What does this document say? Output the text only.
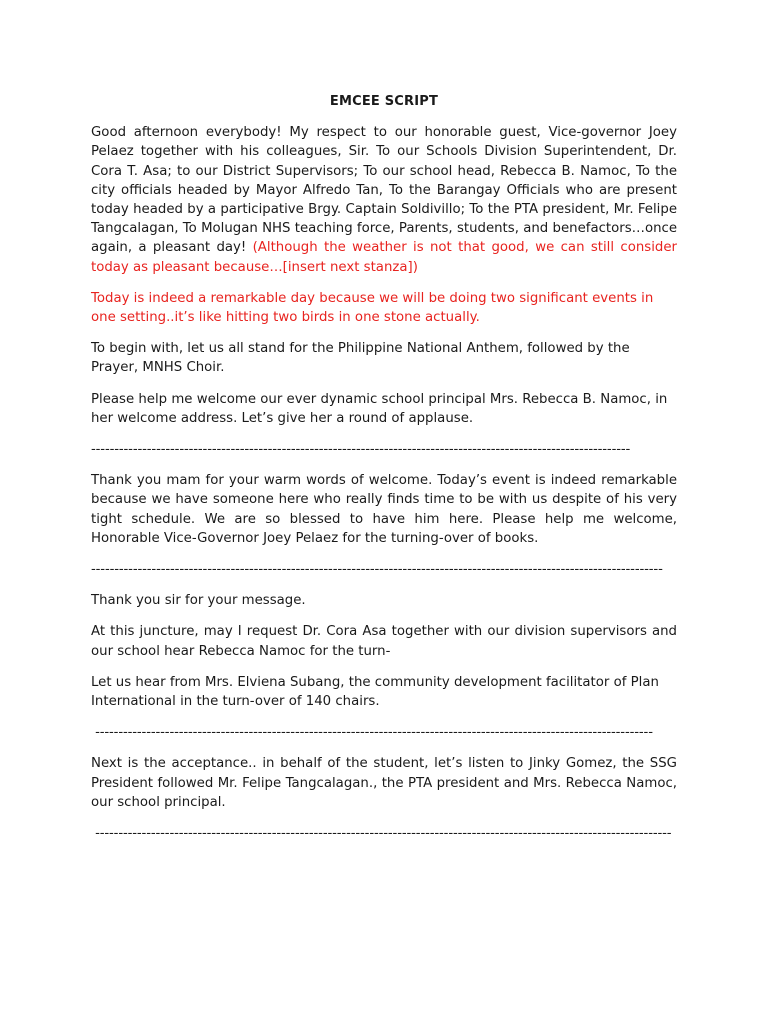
EMCEE SCRIPT

Good afternoon everybody! My respect to our honorable guest, Vice-governor Joey Pelaez together with his colleagues, Sir. To our Schools Division Superintendent, Dr. Cora T. Asa; to our District Supervisors; To our school head, Rebecca B. Namoc, To the city officials headed by Mayor Alfredo Tan, To the Barangay Officials who are present today headed by a participative Brgy. Captain Soldivillo; To the PTA president, Mr. Felipe Tangcalagan, To Molugan NHS teaching force, Parents, students, and benefactors…once again, a pleasant day! (Although the weather is not that good, we can still consider today as pleasant because…[insert next stanza])

Today is indeed a remarkable day because we will be doing two significant events in one setting..it’s like hitting two birds in one stone actually.

To begin with, let us all stand for the Philippine National Anthem, followed by the Prayer, MNHS Choir.

Please help me welcome our ever dynamic school principal Mrs. Rebecca B. Namoc, in her welcome address. Let’s give her a round of applause.

--------------------------------------------------------------------------------------------------------------------

Thank you mam for your warm words of welcome. Today’s event is indeed remarkable because we have someone here who really finds time to be with us despite of his very tight schedule. We are so blessed to have him here. Please help me welcome, Honorable Vice-Governor Joey Pelaez for the turning-over of books.

---------------------------------------------------------------------------------------------------------------------------

Thank you sir for your message.

At this juncture, may I request Dr. Cora Asa together with our division supervisors and our school hear Rebecca Namoc for the turn-

Let us hear from Mrs. Elviena Subang, the community development facilitator of Plan International in the turn-over of 140 chairs.

------------------------------------------------------------------------------------------------------------------------

Next is the acceptance.. in behalf of the student, let’s listen to Jinky Gomez, the SSG President followed Mr. Felipe Tangcalagan., the PTA president and Mrs. Rebecca Namoc, our school principal.

----------------------------------------------------------------------------------------------------------------------------
